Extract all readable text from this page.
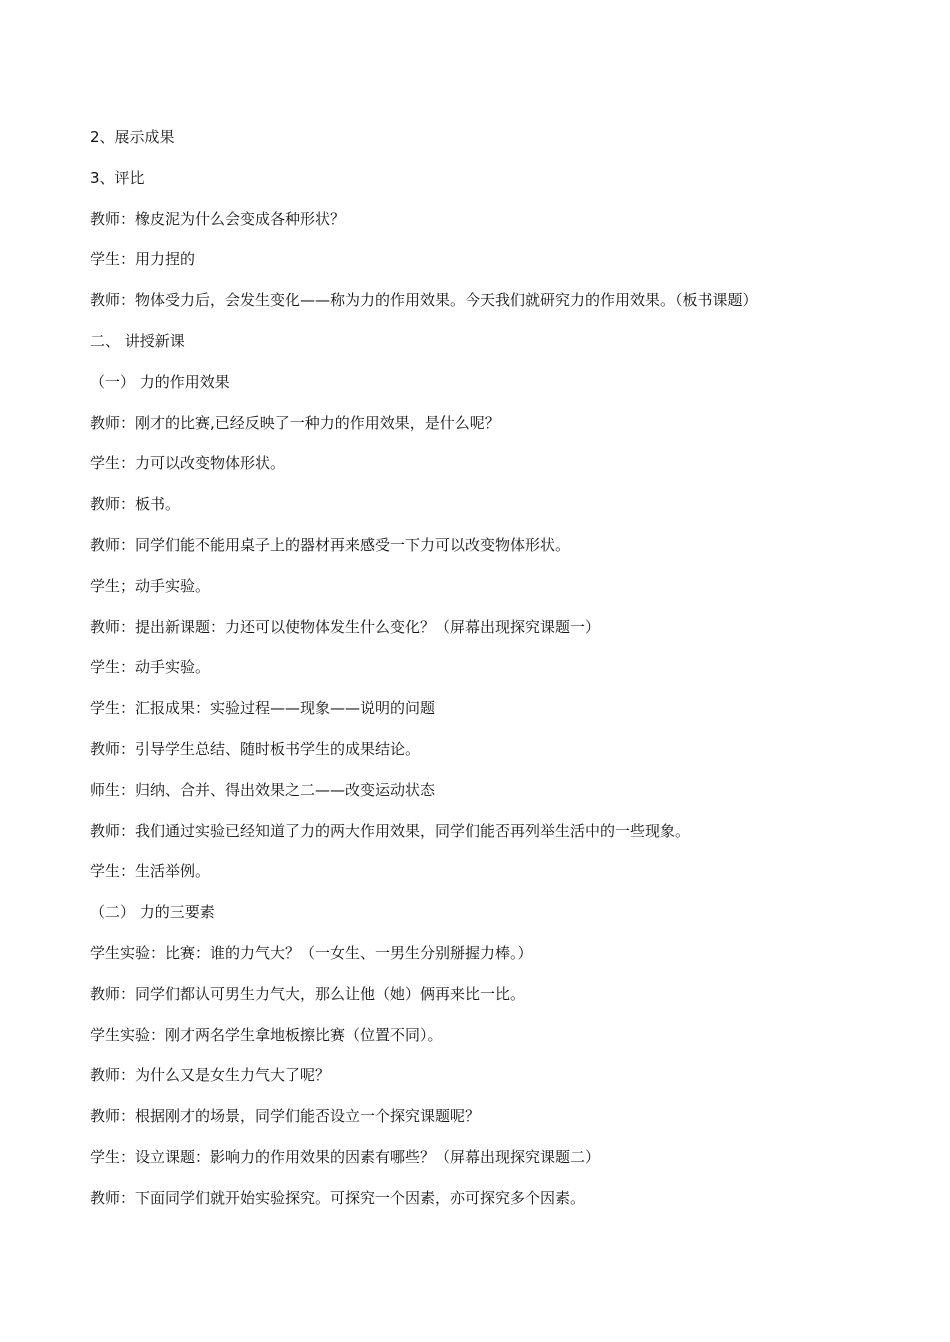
2、展示成果
3、评比
教师：橡皮泥为什么会变成各种形状？
学生：用力捏的
教师：物体受力后，会发生变化——称为力的作用效果。今天我们就研究力的作用效果。（板书课题）
二、 讲授新课
（一） 力的作用效果
教师：刚才的比赛,已经反映了一种力的作用效果，是什么呢？
学生：力可以改变物体形状。
教师：板书。
教师：同学们能不能用桌子上的器材再来感受一下力可以改变物体形状。
学生；动手实验。
教师：提出新课题：力还可以使物体发生什么变化？（屏幕出现探究课题一）
学生：动手实验。
学生：汇报成果：实验过程——现象——说明的问题
教师：引导学生总结、随时板书学生的成果结论。
师生：归纳、合并、得出效果之二——改变运动状态
教师：我们通过实验已经知道了力的两大作用效果，同学们能否再列举生活中的一些现象。
学生：生活举例。
（二） 力的三要素
学生实验：比赛：谁的力气大？（一女生、一男生分别掰握力棒。）
教师：同学们都认可男生力气大，那么让他（她）俩再来比一比。
学生实验：刚才两名学生拿地板擦比赛（位置不同）。
教师：为什么又是女生力气大了呢？
教师：根据刚才的场景，同学们能否设立一个探究课题呢？
学生：设立课题：影响力的作用效果的因素有哪些？（屏幕出现探究课题二）
教师：下面同学们就开始实验探究。可探究一个因素，亦可探究多个因素。
